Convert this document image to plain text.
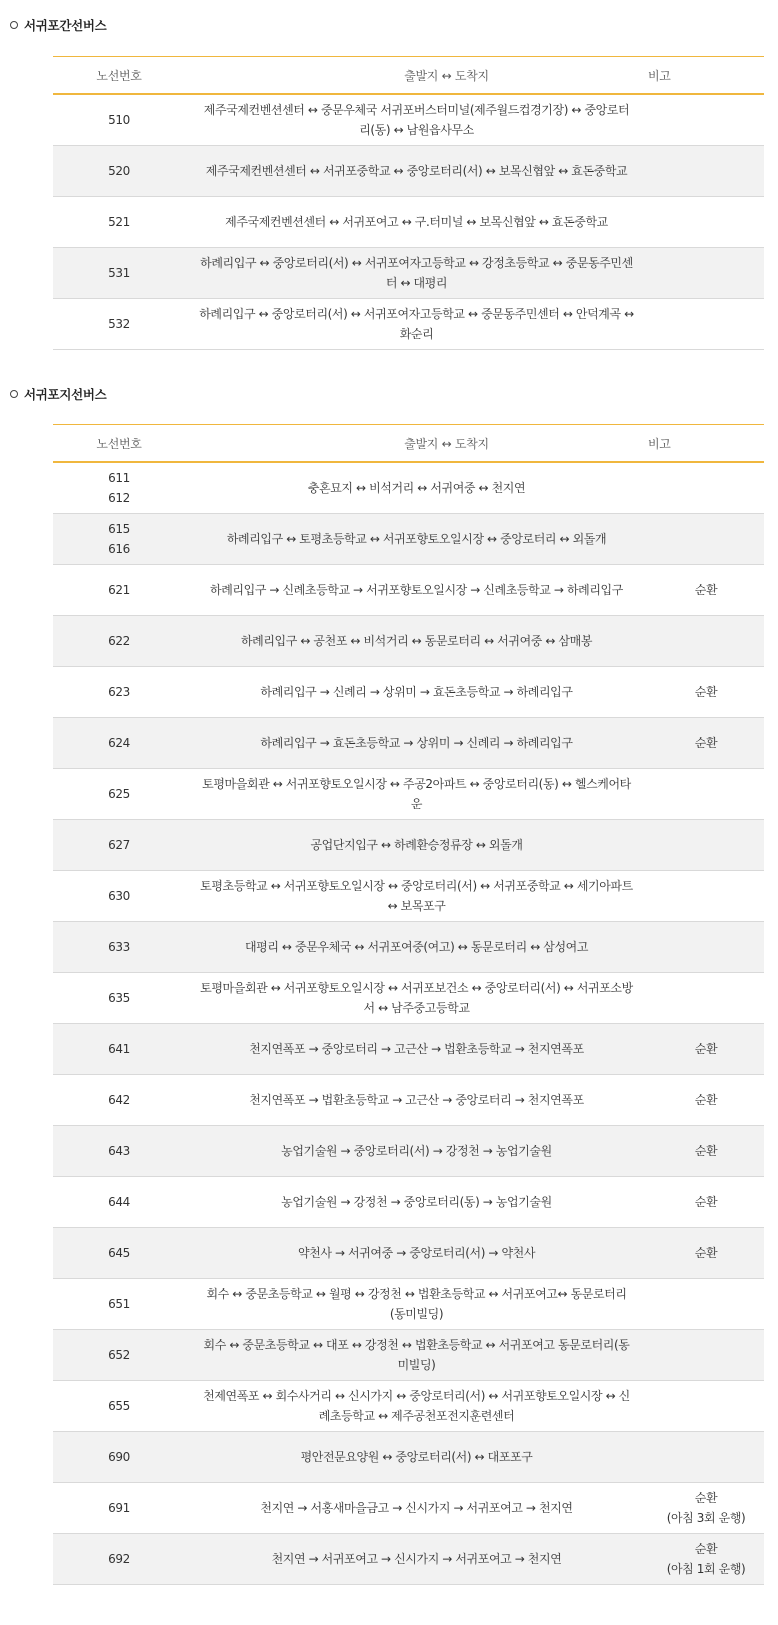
서귀포간선버스
노선번호	출발지 ↔ 도착지	비고

510	제주국제컨벤션센터 ↔ 중문우체국 서귀포버스터미널(제주월드컵경기장) ↔ 중앙로터리(동) ↔ 남원읍사무소	

520	제주국제컨벤션센터 ↔ 서귀포중학교 ↔ 중앙로터리(서) ↔ 보목신협앞 ↔ 효돈중학교	

521	제주국제컨벤션센터 ↔ 서귀포여고 ↔ 구.터미널 ↔ 보목신협앞 ↔ 효돈중학교	

531	하례리입구 ↔ 중앙로터리(서) ↔ 서귀포여자고등학교 ↔ 강정초등학교 ↔ 중문동주민센터 ↔ 대평리	

532	하례리입구 ↔ 중앙로터리(서) ↔ 서귀포여자고등학교 ↔ 중문동주민센터 ↔ 안덕계곡 ↔ 화순리	
서귀포지선버스
노선번호	출발지 ↔ 도착지	비고

611
612	충혼묘지 ↔ 비석거리 ↔ 서귀여중 ↔ 천지연	

615
616	하례리입구 ↔ 토평초등학교 ↔ 서귀포향토오일시장 ↔ 중앙로터리 ↔ 외돌개	

621	하례리입구 → 신례초등학교 → 서귀포향토오일시장 → 신례초등학교 → 하례리입구	순환

622	하례리입구 ↔ 공천포 ↔ 비석거리 ↔ 동문로터리 ↔ 서귀여중 ↔ 삼매봉	

623	하례리입구 → 신례리 → 상위미 → 효돈초등학교 → 하례리입구	순환

624	하례리입구 → 효돈초등학교 → 상위미 → 신례리 → 하례리입구	순환

625	토평마을회관 ↔ 서귀포향토오일시장 ↔ 주공2아파트 ↔ 중앙로터리(동) ↔ 헬스케어타운	

627	공업단지입구 ↔ 하례환승정류장 ↔ 외돌개	

630	토평초등학교 ↔ 서귀포향토오일시장 ↔ 중앙로터리(서) ↔ 서귀포중학교 ↔ 세기아파트 ↔ 보목포구	

633	대평리 ↔ 중문우체국 ↔ 서귀포여중(여고) ↔ 동문로터리 ↔ 삼성여고	

635	토평마을회관 ↔ 서귀포향토오일시장 ↔ 서귀포보건소 ↔ 중앙로터리(서) ↔ 서귀포소방서 ↔ 남주중고등학교	

641	천지연폭포 → 중앙로터리 → 고근산 → 법환초등학교 → 천지연폭포	순환

642	천지연폭포 → 법환초등학교 → 고근산 → 중앙로터리 → 천지연폭포	순환

643	농업기술원 → 중앙로터리(서) → 강정천 → 농업기술원	순환

644	농업기술원 → 강정천 → 중앙로터리(동) → 농업기술원	순환

645	약천사 → 서귀여중 → 중앙로터리(서) → 약천사	순환

651	회수 ↔ 중문초등학교 ↔ 월평 ↔ 강정천 ↔ 법환초등학교 ↔ 서귀포여고↔ 동문로터리(동미빌딩)	

652	회수 ↔ 중문초등학교 ↔ 대포 ↔ 강정천 ↔ 법환초등학교 ↔ 서귀포여고 동문로터리(동미빌딩)	

655	천제연폭포 ↔ 회수사거리 ↔ 신시가지 ↔ 중앙로터리(서) ↔ 서귀포향토오일시장 ↔ 신례초등학교 ↔ 제주공천포전지훈련센터	

690	평안전문요양원 ↔ 중앙로터리(서) ↔ 대포포구	

691	천지연 → 서홍새마을금고 → 신시가지 → 서귀포여고 → 천지연	순환
(아침 3회 운행)

692	천지연 → 서귀포여고 → 신시가지 → 서귀포여고 → 천지연	순환
(아침 1회 운행)
